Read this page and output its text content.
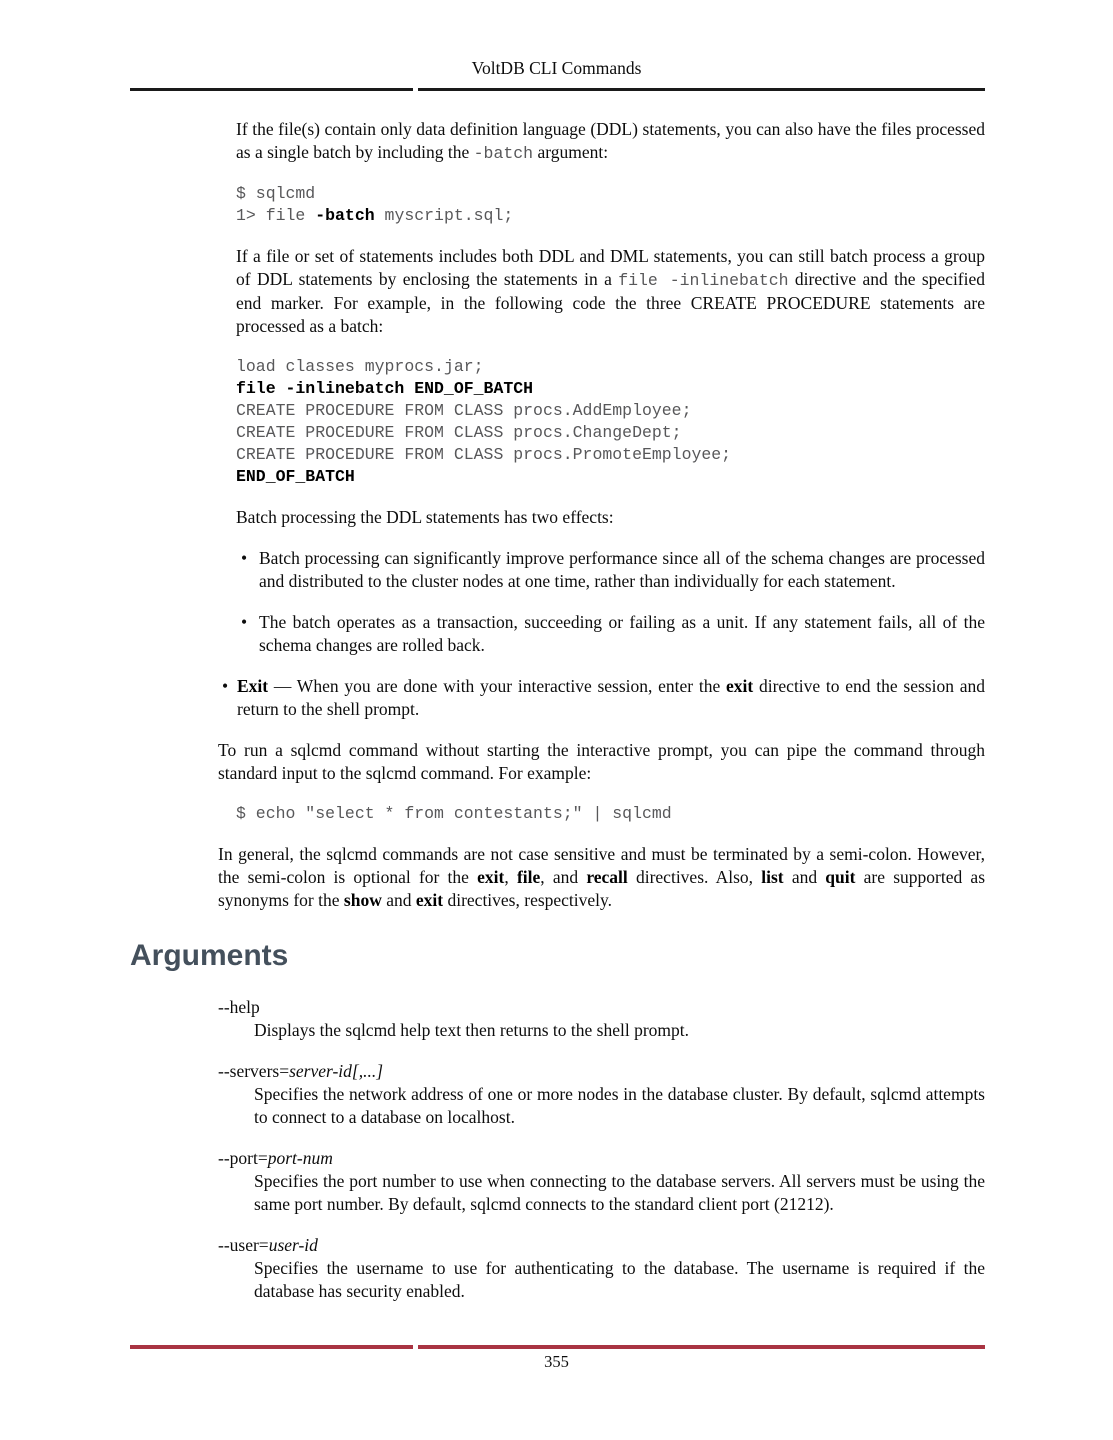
VoltDB CLI Commands

If the file(s) contain only data definition language (DDL) statements, you can also have the files processed as a single batch by including the -batch argument:

$ sqlcmd
1> file -batch myscript.sql;

If a file or set of statements includes both DDL and DML statements, you can still batch process a group of DDL statements by enclosing the statements in a file -inlinebatch directive and the specified end marker. For example, in the following code the three CREATE PROCEDURE statements are processed as a batch:

load classes myprocs.jar;
file -inlinebatch END_OF_BATCH
CREATE PROCEDURE FROM CLASS procs.AddEmployee;
CREATE PROCEDURE FROM CLASS procs.ChangeDept;
CREATE PROCEDURE FROM CLASS procs.PromoteEmployee;
END_OF_BATCH

Batch processing the DDL statements has two effects:

•

Batch processing can significantly improve performance since all of the schema changes are processed and distributed to the cluster nodes at one time, rather than individually for each statement.

•

The batch operates as a transaction, succeeding or failing as a unit. If any statement fails, all of the schema changes are rolled back.

•

Exit — When you are done with your interactive session, enter the exit directive to end the session and return to the shell prompt.

To run a sqlcmd command without starting the interactive prompt, you can pipe the command through standard input to the sqlcmd command. For example:

$ echo "select * from contestants;" | sqlcmd

In general, the sqlcmd commands are not case sensitive and must be terminated by a semi-colon. However, the semi-colon is optional for the exit, file, and recall directives. Also, list and quit are supported as synonyms for the show and exit directives, respectively.

Arguments
--help
Displays the sqlcmd help text then returns to the shell prompt.
--servers=server-id[,...]
Specifies the network address of one or more nodes in the database cluster. By default, sqlcmd attempts to connect to a database on localhost.
--port=port-num
Specifies the port number to use when connecting to the database servers. All servers must be using the same port number. By default, sqlcmd connects to the standard client port (21212).
--user=user-id
Specifies the username to use for authenticating to the database. The username is required if the database has security enabled.
355
